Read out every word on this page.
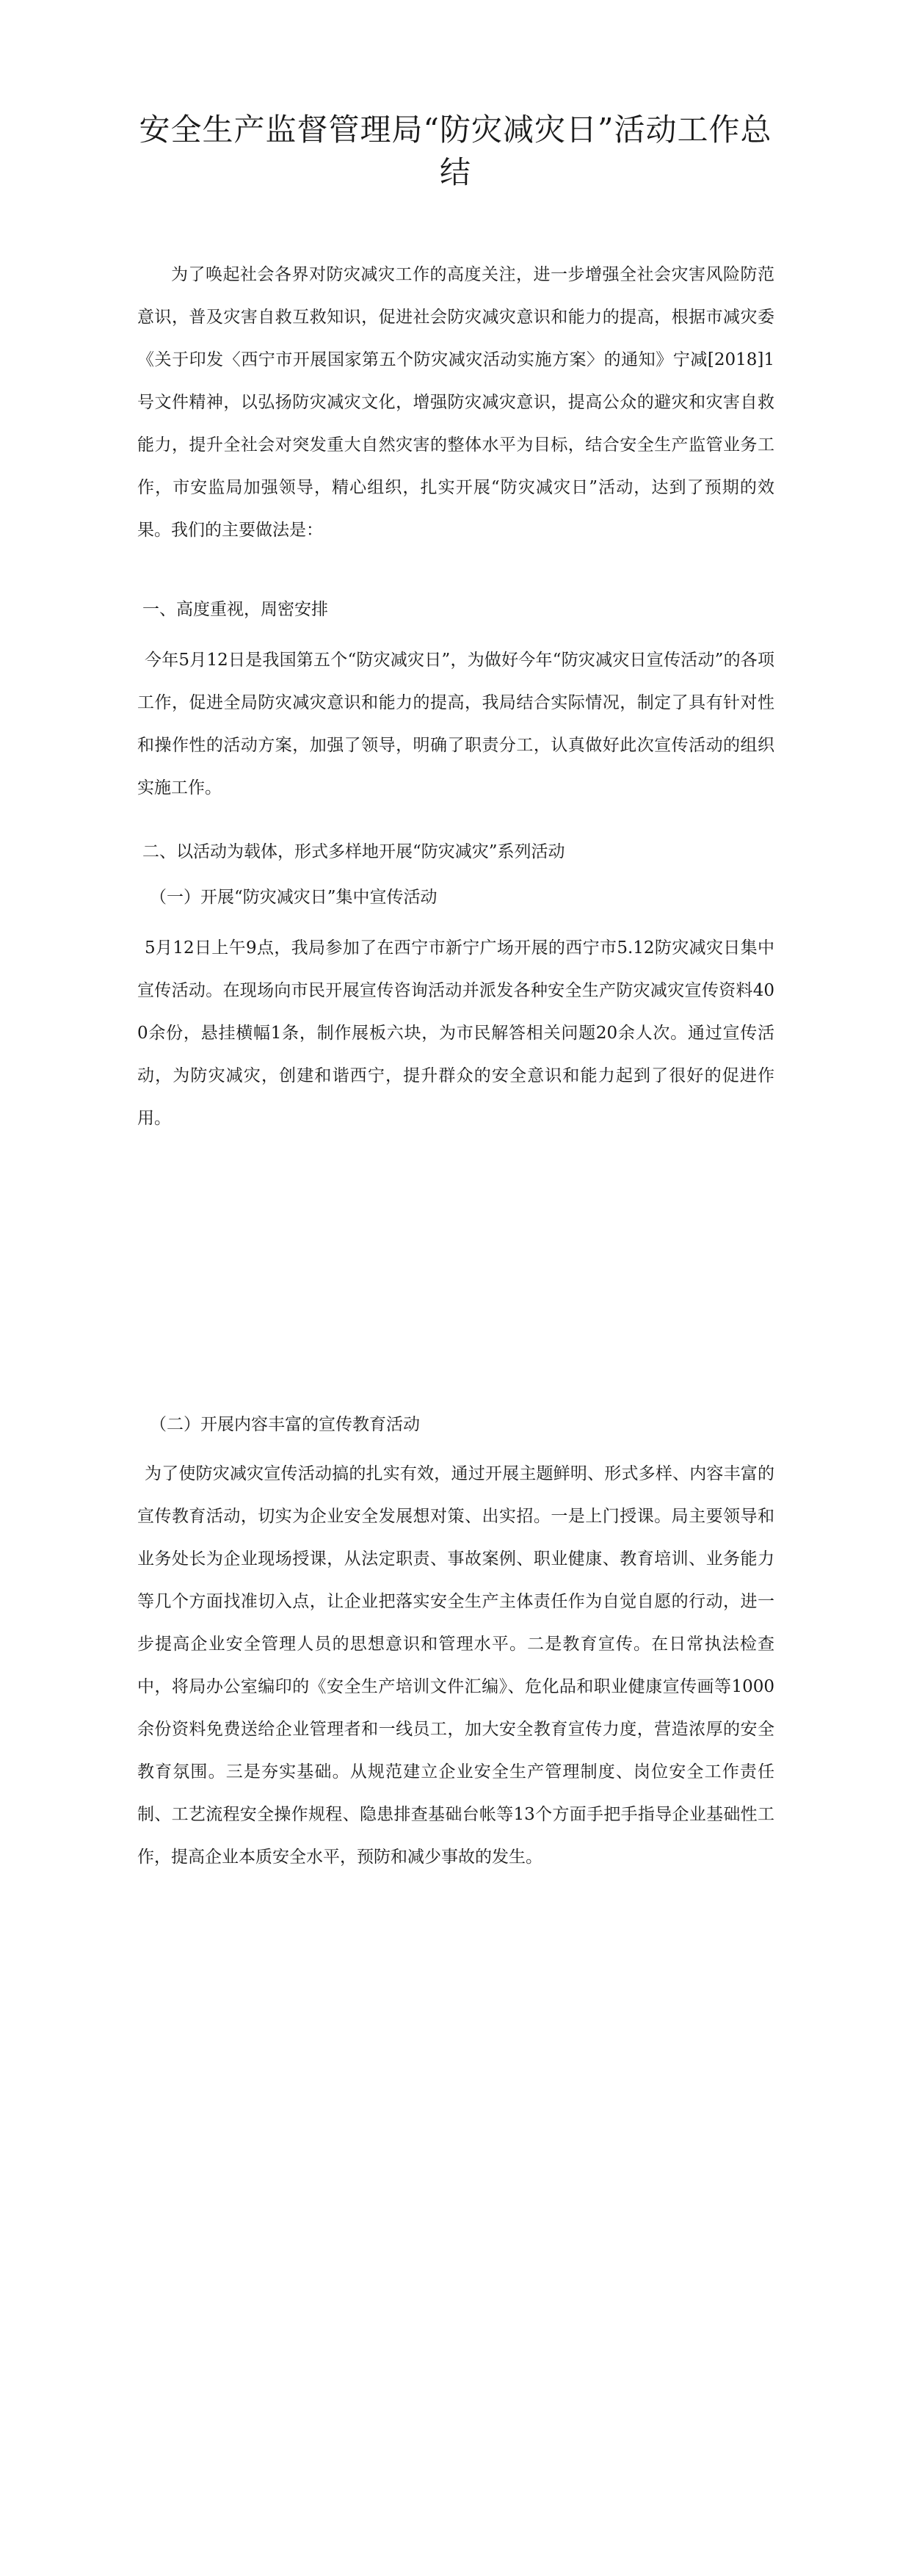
安全生产监督管理局“防灾减灾日”活动工作总结

为了唤起社会各界对防灾减灾工作的高度关注，进一步增强全社会灾害风险防范意识，普及灾害自救互救知识，促进社会防灾减灾意识和能力的提高，根据市减灾委《关于印发〈西宁市开展国家第五个防灾减灾活动实施方案〉的通知》宁减[2018]1号文件精神，以弘扬防灾减灾文化，增强防灾减灾意识，提高公众的避灾和灾害自救能力，提升全社会对突发重大自然灾害的整体水平为目标，结合安全生产监管业务工作，市安监局加强领导，精心组织，扎实开展“防灾减灾日”活动，达到了预期的效果。我们的主要做法是：

一、高度重视，周密安排

今年5月12日是我国第五个“防灾减灾日”，为做好今年“防灾减灾日宣传活动”的各项工作，促进全局防灾减灾意识和能力的提高，我局结合实际情况，制定了具有针对性和操作性的活动方案，加强了领导，明确了职责分工，认真做好此次宣传活动的组织实施工作。

二、以活动为载体，形式多样地开展“防灾减灾”系列活动

（一）开展“防灾减灾日”集中宣传活动

5月12日上午9点，我局参加了在西宁市新宁广场开展的西宁市5.12防灾减灾日集中宣传活动。在现场向市民开展宣传咨询活动并派发各种安全生产防灾减灾宣传资料400余份，悬挂横幅1条，制作展板六块，为市民解答相关问题20余人次。通过宣传活动，为防灾减灾，创建和谐西宁，提升群众的安全意识和能力起到了很好的促进作用。

（二）开展内容丰富的宣传教育活动

为了使防灾减灾宣传活动搞的扎实有效，通过开展主题鲜明、形式多样、内容丰富的宣传教育活动，切实为企业安全发展想对策、出实招。一是上门授课。局主要领导和业务处长为企业现场授课，从法定职责、事故案例、职业健康、教育培训、业务能力等几个方面找准切入点，让企业把落实安全生产主体责任作为自觉自愿的行动，进一步提高企业安全管理人员的思想意识和管理水平。二是教育宣传。在日常执法检查中，将局办公室编印的《安全生产培训文件汇编》、危化品和职业健康宣传画等1000余份资料免费送给企业管理者和一线员工，加大安全教育宣传力度，营造浓厚的安全教育氛围。三是夯实基础。从规范建立企业安全生产管理制度、岗位安全工作责任制、工艺流程安全操作规程、隐患排查基础台帐等13个方面手把手指导企业基础性工作，提高企业本质安全水平，预防和减少事故的发生。
